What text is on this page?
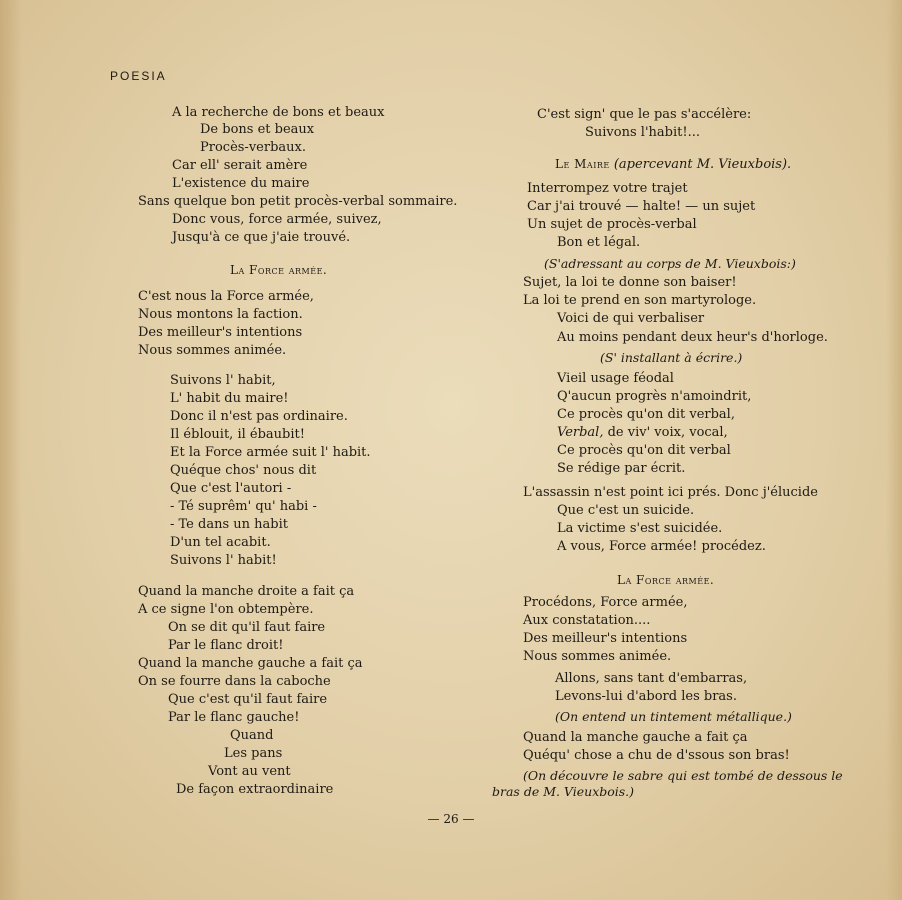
POESIA
A la recherche de bons et beaux
De bons et beaux
Procès-verbaux.
Car ell' serait amère
L'existence du maire
Sans quelque bon petit procès-verbal sommaire.
Donc vous, force armée, suivez,
Jusqu'à ce que j'aie trouvé.
La Force armée.
C'est nous la Force armée,
Nous montons la faction.
Des meilleur's intentions
Nous sommes animée.
Suivons l' habit,
L' habit du maire!
Donc il n'est pas ordinaire.
Il éblouit, il ébaubit!
Et la Force armée suit l' habit.
Quéque chos' nous dit
Que c'est l'autori -
- Té suprêm' qu' habi -
- Te dans un habit
D'un tel acabit.
Suivons l' habit!
Quand la manche droite a fait ça
A ce signe l'on obtempère.
On se dit qu'il faut faire
Par le flanc droit!
Quand la manche gauche a fait ça
On se fourre dans la caboche
Que c'est qu'il faut faire
Par le flanc gauche!
Quand
Les pans
Vont au vent
De façon extraordinaire
C'est sign' que le pas s'accélère:
Suivons l'habit!...
Le Maire (apercevant M. Vieuxbois).
Interrompez votre trajet
Car j'ai trouvé — halte! — un sujet
Un sujet de procès-verbal
Bon et légal.
(S'adressant au corps de M. Vieuxbois:)
Sujet, la loi te donne son baiser!
La loi te prend en son martyrologe.
Voici de qui verbaliser
Au moins pendant deux heur's d'horloge.
(S' installant à écrire.)
Vieil usage féodal
Q'aucun progrès n'amoindrit,
Ce procès qu'on dit verbal,
Verbal, de viv' voix, vocal,
Ce procès qu'on dit verbal
Se rédige par écrit.
L'assassin n'est point ici prés. Donc j'élucide
Que c'est un suicide.
La victime s'est suicidée.
A vous, Force armée! procédez.
La Force armée.
Procédons, Force armée,
Aux constatation....
Des meilleur's intentions
Nous sommes animée.
Allons, sans tant d'embarras,
Levons-lui d'abord les bras.
(On entend un tintement métallique.)
Quand la manche gauche a fait ça
Quéqu' chose a chu de d'ssous son bras!
(On découvre le sabre qui est tombé de dessous le
bras de M. Vieuxbois.)
— 26 —
